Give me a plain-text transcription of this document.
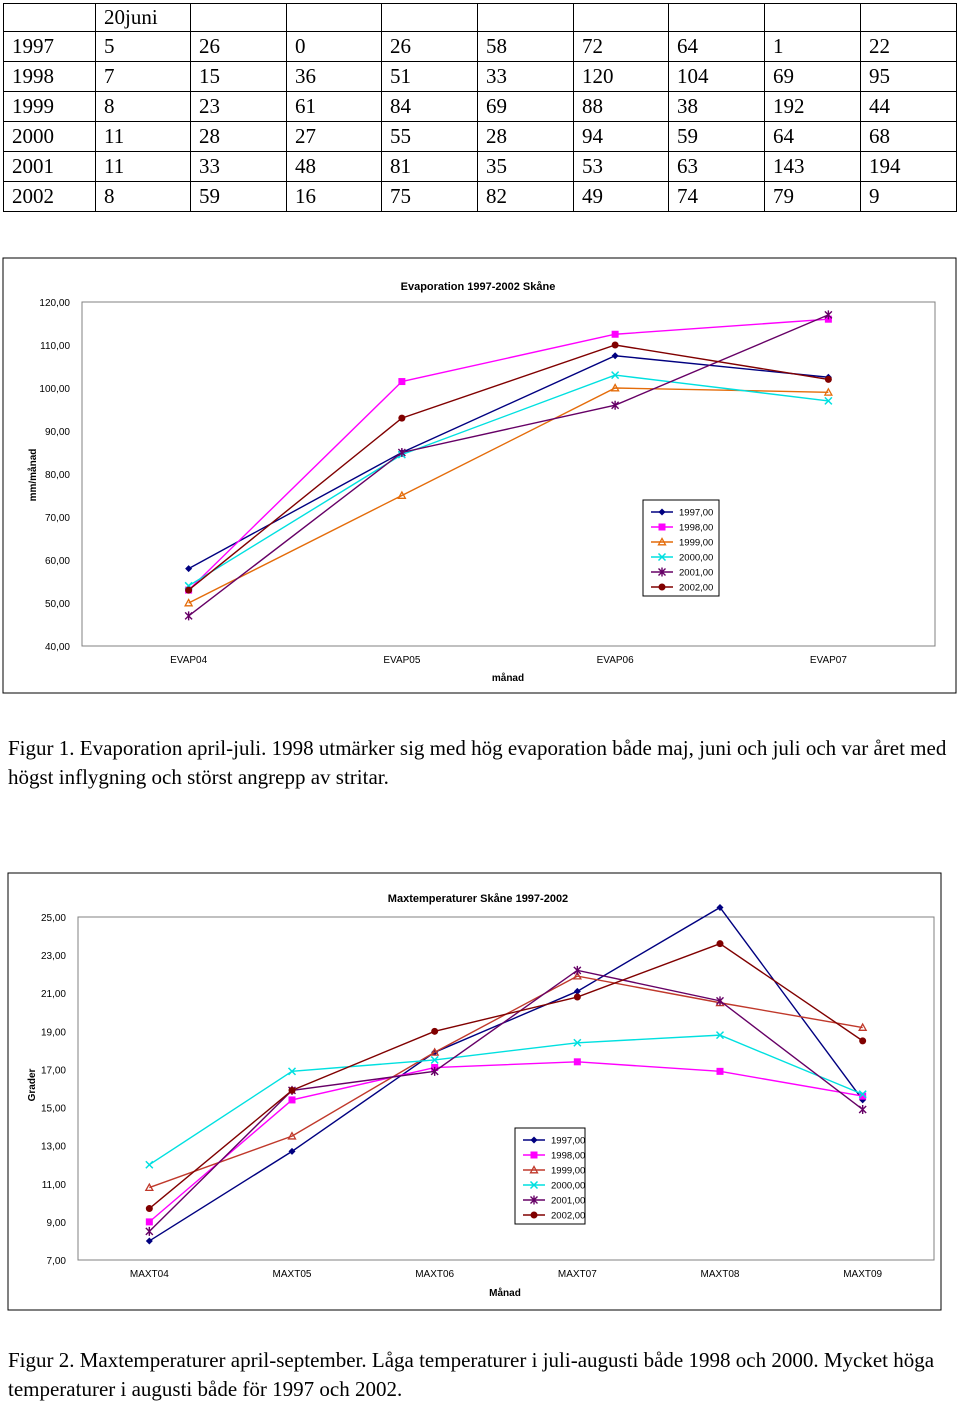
	20juni								
1997	5	26	0	26	58	72	64	1	22
1998	7	15	36	51	33	120	104	69	95
1999	8	23	61	84	69	88	38	192	44
2000	11	28	27	55	28	94	59	64	68
2001	11	33	48	81	35	53	63	143	194
2002	8	59	16	75	82	49	74	79	9
Evaporation 1997-2002 Skåne
månad
mm/månad
40,00
50,00
60,00
70,00
80,00
90,00
100,00
110,00
120,00
EVAP04	EVAP05	EVAP06	EVAP07
1997,00
1998,00
1999,00
2000,00
2001,00
2002,00
Figur 1. Evaporation april-juli. 1998 utmärker sig med hög evaporation både maj, juni och juli och var året med högst inflygning och störst angrepp av stritar.
Maxtemperaturer Skåne 1997-2002
Månad
Grader
7,00
9,00
11,00
13,00
15,00
17,00
19,00
21,00
23,00
25,00
MAXT04	MAXT05	MAXT06	MAXT07	MAXT08	MAXT09
1997,00
1998,00
1999,00
2000,00
2001,00
2002,00
Figur 2. Maxtemperaturer april-september. Låga temperaturer i juli-augusti både 1998 och 2000. Mycket höga temperaturer i augusti både för 1997 och 2002.
